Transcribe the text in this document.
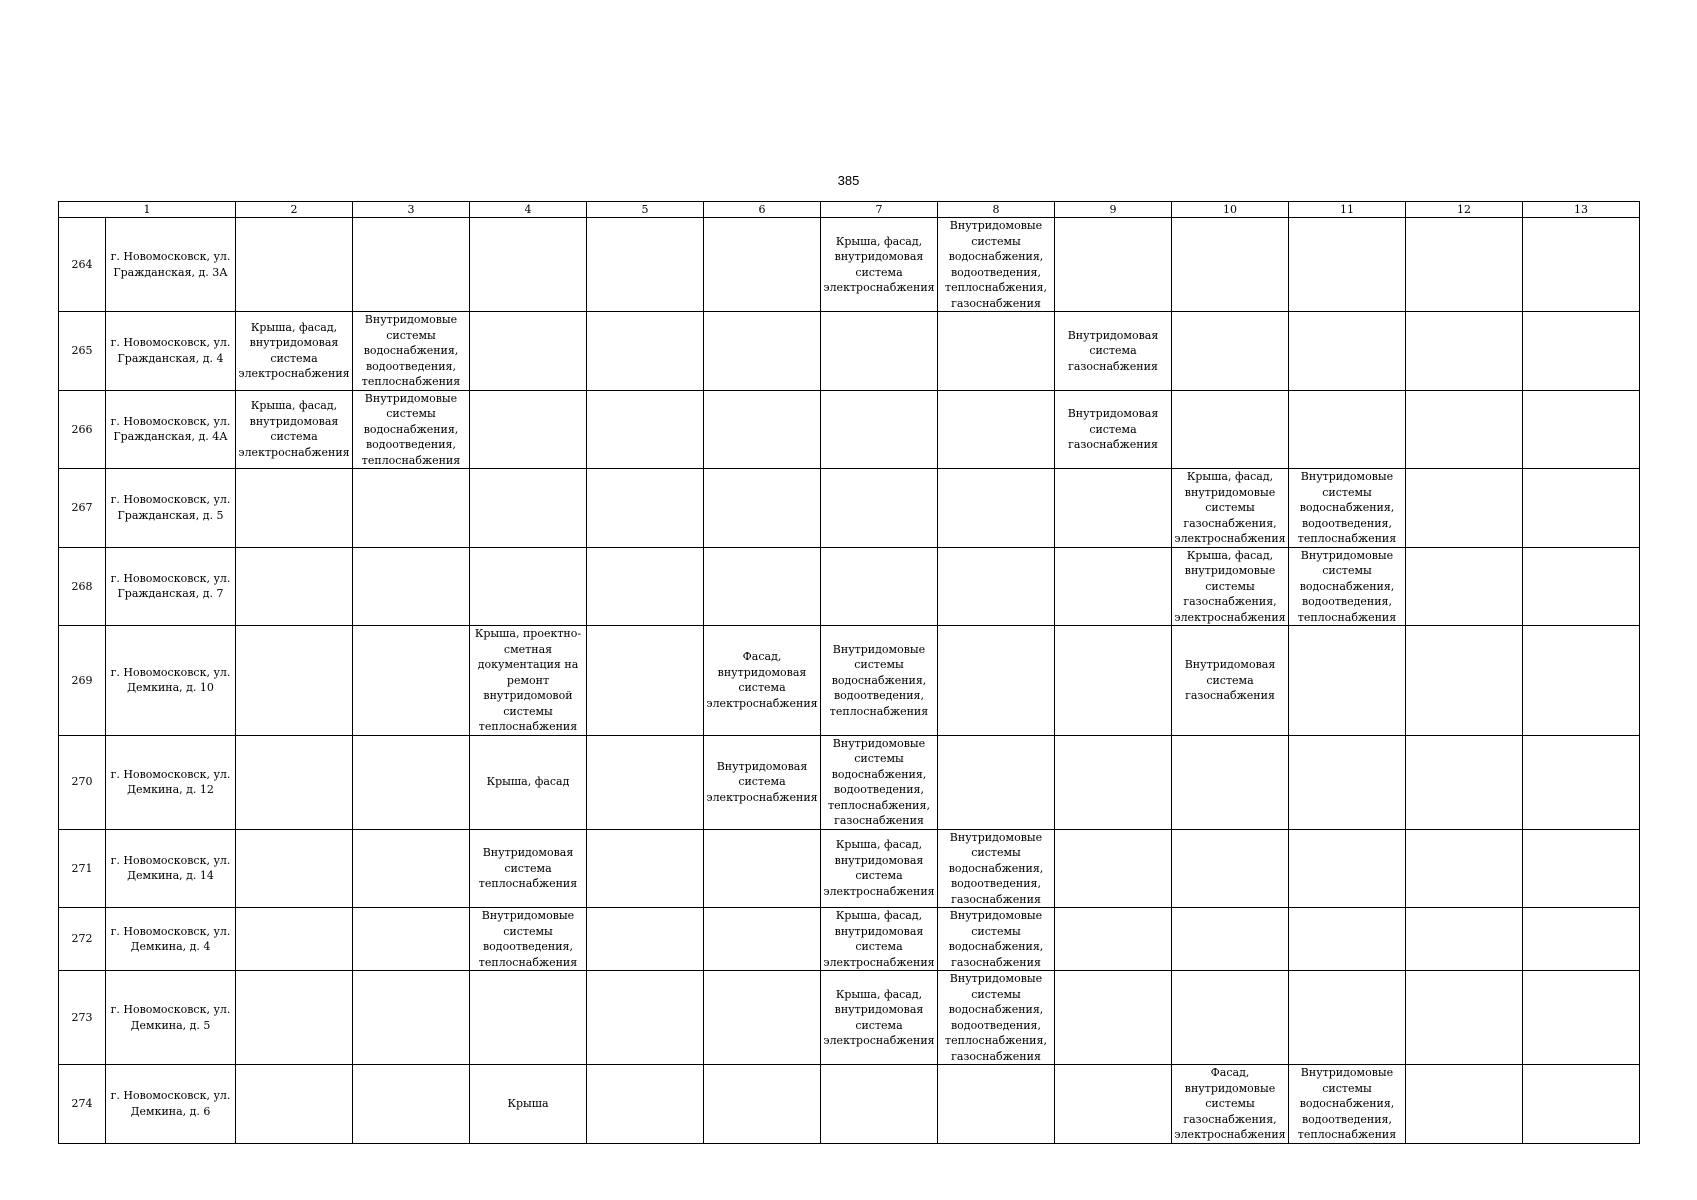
385
1		2	3	4	5	6	7	8	9	10	11	12	13
264	г. Новомосковск, ул. Гражданская, д. 3А						Крыша, фасад, внутридомовая система электроснабжения	Внутридомовые системы водоснабжения, водоотведения, теплоснабжения, газоснабжения					
265	г. Новомосковск, ул. Гражданская, д. 4	Крыша, фасад, внутридомовая система электроснабжения	Внутридомовые системы водоснабжения, водоотведения, теплоснабжения						Внутридомовая система газоснабжения				
266	г. Новомосковск, ул. Гражданская, д. 4А	Крыша, фасад, внутридомовая система электроснабжения	Внутридомовые системы водоснабжения, водоотведения, теплоснабжения						Внутридомовая система газоснабжения				
267	г. Новомосковск, ул. Гражданская, д. 5									Крыша, фасад, внутридомовые системы газоснабжения, электроснабжения	Внутридомовые системы водоснабжения, водоотведения, теплоснабжения		
268	г. Новомосковск, ул. Гражданская, д. 7									Крыша, фасад, внутридомовые системы газоснабжения, электроснабжения	Внутридомовые системы водоснабжения, водоотведения, теплоснабжения		
269	г. Новомосковск, ул. Демкина, д. 10			Крыша, проектно-сметная документация на ремонт внутридомовой системы теплоснабжения		Фасад, внутридомовая система электроснабжения	Внутридомовые системы водоснабжения, водоотведения, теплоснабжения			Внутридомовая система газоснабжения			
270	г. Новомосковск, ул. Демкина, д. 12			Крыша, фасад		Внутридомовая система электроснабжения	Внутридомовые системы водоснабжения, водоотведения, теплоснабжения, газоснабжения						
271	г. Новомосковск, ул. Демкина, д. 14			Внутридомовая система теплоснабжения			Крыша, фасад, внутридомовая система электроснабжения	Внутридомовые системы водоснабжения, водоотведения, газоснабжения					
272	г. Новомосковск, ул. Демкина, д. 4			Внутридомовые системы водоотведения, теплоснабжения			Крыша, фасад, внутридомовая система электроснабжения	Внутридомовые системы водоснабжения, газоснабжения					
273	г. Новомосковск, ул. Демкина, д. 5						Крыша, фасад, внутридомовая система электроснабжения	Внутридомовые системы водоснабжения, водоотведения, теплоснабжения, газоснабжения					
274	г. Новомосковск, ул. Демкина, д. 6			Крыша						Фасад, внутридомовые системы газоснабжения, электроснабжения	Внутридомовые системы водоснабжения, водоотведения, теплоснабжения		
